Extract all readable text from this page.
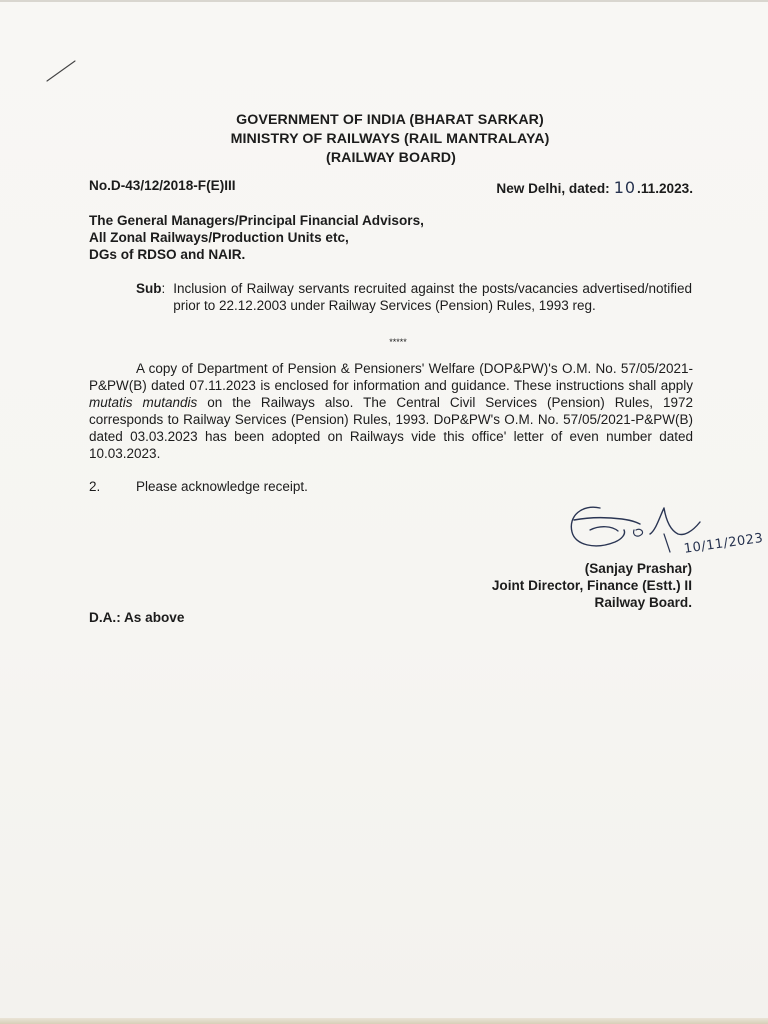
GOVERNMENT OF INDIA (BHARAT SARKAR)
MINISTRY OF RAILWAYS (RAIL MANTRALAYA)
(RAILWAY BOARD)
No.D-43/12/2018-F(E)III	New Delhi, dated: 10 .11.2023.
The General Managers/Principal Financial Advisors,
All Zonal Railways/Production Units etc,
DGs of RDSO and NAIR.
Sub : Inclusion of Railway servants recruited against the posts/vacancies advertised/notified prior to 22.12.2003 under Railway Services (Pension) Rules, 1993 reg.
*****
A copy of Department of Pension & Pensioners' Welfare (DOP&PW)'s O.M. No. 57/05/2021-P&PW(B) dated 07.11.2023 is enclosed for information and guidance. These instructions shall apply mutatis mutandis on the Railways also. The Central Civil Services (Pension) Rules, 1972 corresponds to Railway Services (Pension) Rules, 1993. DoP&PW's O.M. No. 57/05/2021-P&PW(B) dated 03.03.2023 has been adopted on Railways vide this office' letter of even number dated 10.03.2023.
2.	Please acknowledge receipt.
10/11/2023
(Sanjay Prashar)
Joint Director, Finance (Estt.) II
Railway Board.
D.A.: As above
